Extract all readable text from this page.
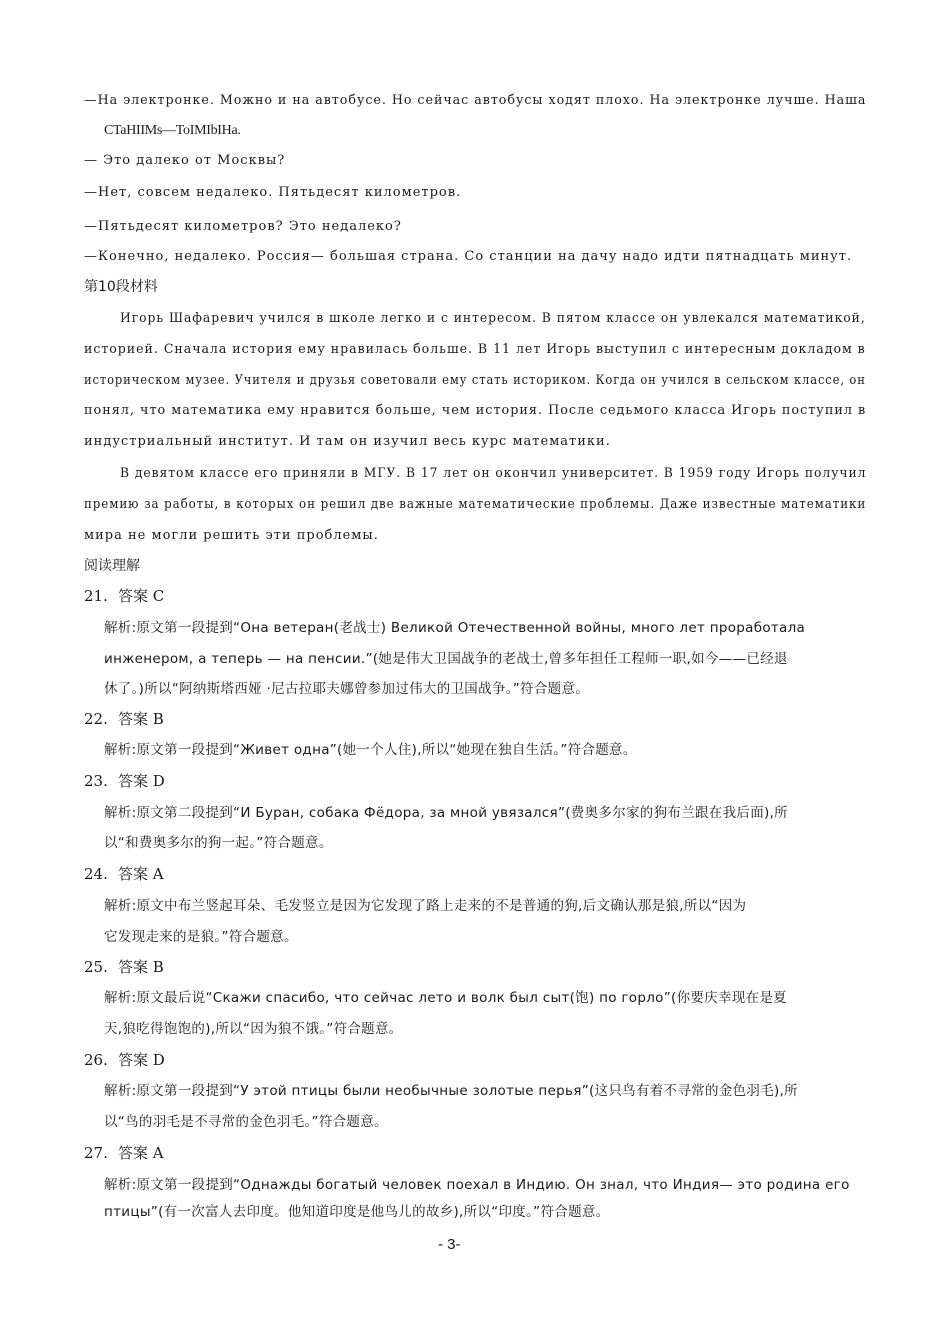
—На электронке. Можно и на автобусе. Но сейчас автобусы ходят плохо. На электронке лучше. Наша
CTaHIIMs—ToIMIbIHa.
— Это далеко от Москвы?
—Нет, совсем недалеко. Пятьдесят километров.
—Пятьдесят километров? Это недалеко?
—Конечно, недалеко. Россия— большая страна. Со станции на дачу надо идти пятнадцать минут.
第10段材料
Игорь Шафаревич учился в школе легко и с интересом. В пятом классе он увлекался математикой,
историей. Сначала история ему нравилась больше. В 11 лет Игорь выступил с интересным докладом в
историческом музее. Учителя и друзья советовали ему стать историком. Когда он учился в сельском классе, он
понял, что математика ему нравится больше, чем история. После седьмого класса Игорь поступил в
индустриальный институт. И там он изучил весь курс математики.
В девятом классе его приняли в МГУ. В 17 лет он окончил университет. В 1959 году Игорь получил
премию за работы, в которых он решил две важные математические проблемы. Даже известные математики
мира не могли решить эти проблемы.
阅读理解
21. 答案 C
解析:原文第一段提到“Она ветеран(老战士) Великой Отечественной войны, много лет проработала
инженером, а теперь — на пенсии.”(她是伟大卫国战争的老战士,曾多年担任工程师一职,如今——已经退
休了。)所以“阿纳斯塔西娅 ·尼古拉耶夫娜曾参加过伟大的卫国战争。”符合题意。
22. 答案 B
解析:原文第一段提到“Живет одна”(她一个人住),所以“她现在独自生活。”符合题意。
23. 答案 D
解析:原文第二段提到“И Буран, собака Фёдора, за мной увязался”(费奥多尔家的狗布兰跟在我后面),所
以“和费奥多尔的狗一起。”符合题意。
24. 答案 A
解析:原文中布兰竖起耳朵、毛发竖立是因为它发现了路上走来的不是普通的狗,后文确认那是狼,所以“因为
它发现走来的是狼。”符合题意。
25. 答案 B
解析:原文最后说“Скажи спасибо, что сейчас лето и волк был сыт(饱) по горло”(你要庆幸现在是夏
天,狼吃得饱饱的),所以“因为狼不饿。”符合题意。
26. 答案 D
解析:原文第一段提到“У этой птицы были необычные золотые перья”(这只鸟有着不寻常的金色羽毛),所
以“鸟的羽毛是不寻常的金色羽毛。”符合题意。
27. 答案 A
解析:原文第一段提到“Однажды богатый человек поехал в Индию. Он знал, что Индия— это родина его
птицы”(有一次富人去印度。他知道印度是他鸟儿的故乡),所以“印度。”符合题意。
- 3-
